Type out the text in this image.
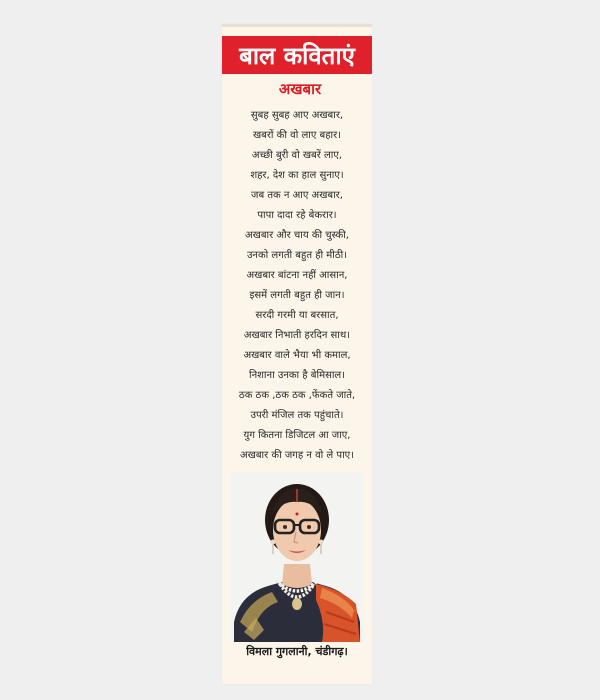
बाल कविताएं
अखबार
सुबह सुबह आए अखबार,
खबरों की वो लाए बहार।
अच्छी बुरी वो खबरें लाए,
शहर, देश का हाल सुनाए।
जब तक न आए अखबार,
पापा दादा रहे बेकरार।
अखबार और चाय की चुस्की,
उनको लगती बहुत ही मीठी।
अखबार बांटना नहीं आसान,
इसमें लगती बहुत ही जान।
सरदी गरमी या बरसात,
अखबार निभाती हरदिन साथ।
अखबार वाले भैया भी कमाल,
निशाना उनका है बेमिसाल।
ठक ठक ,ठक ठक ,फेंकते जाते,
उपरी मंजिल तक पहुंचाते।
युग कितना डिजिटल आ जाए,
अखबार की जगह न वो ले पाए।
विमला गुगलानी, चंडीगढ़।
